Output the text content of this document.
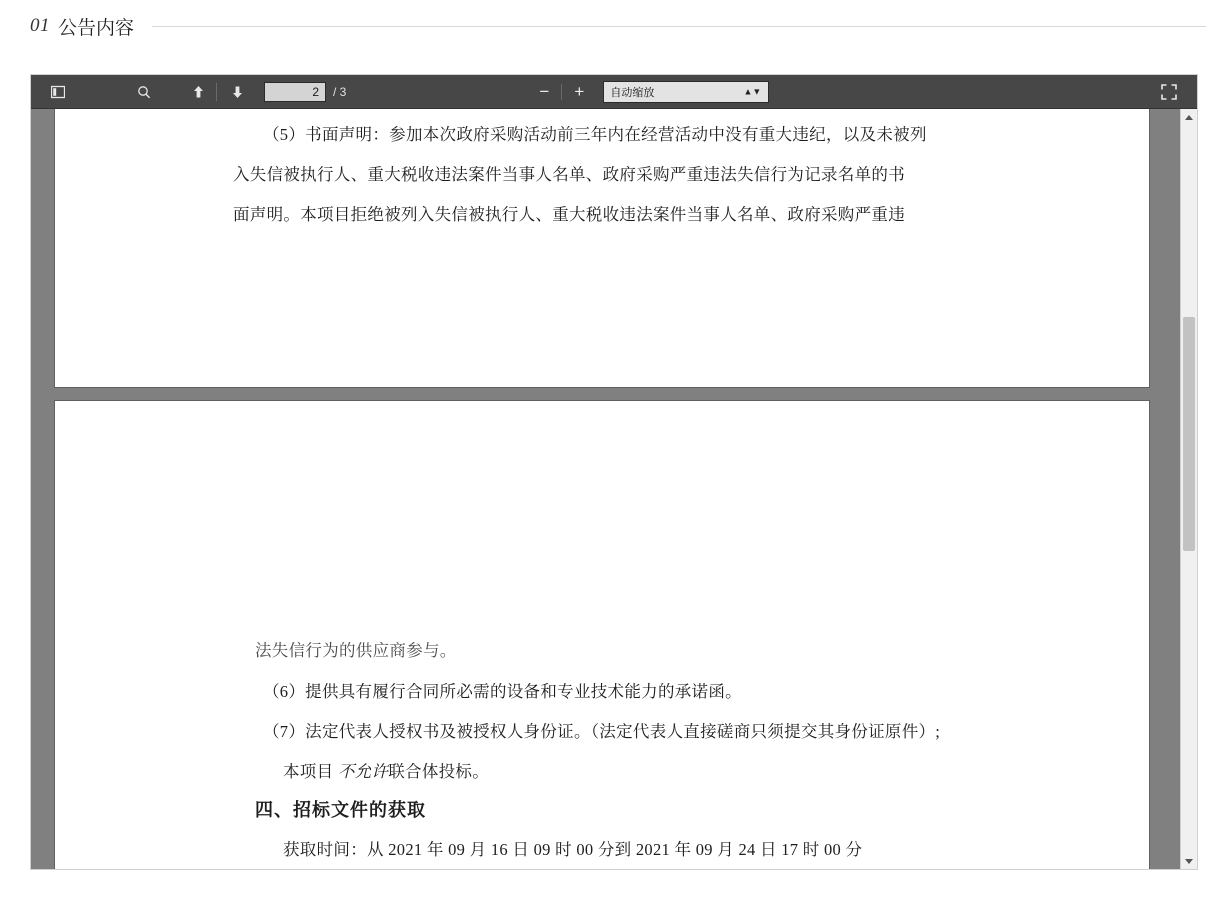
01 公告内容
2
/ 3	−	+	自动缩放	▲▼
（5）书面声明：参加本次政府采购活动前三年内在经营活动中没有重大违纪，以及未被列
入失信被执行人、重大税收违法案件当事人名单、政府采购严重违法失信行为记录名单的书
面声明。本项目拒绝被列入失信被执行人、重大税收违法案件当事人名单、政府采购严重违
法失信行为的供应商参与。
（6）提供具有履行合同所必需的设备和专业技术能力的承诺函。
（7）法定代表人授权书及被授权人身份证。（法定代表人直接磋商只须提交其身份证原件）;
本项目 不允许联合体投标。
四、招标文件的获取
获取时间：从 2021 年 09 月 16 日 09 时 00 分到 2021 年 09 月 24 日 17 时 00 分
